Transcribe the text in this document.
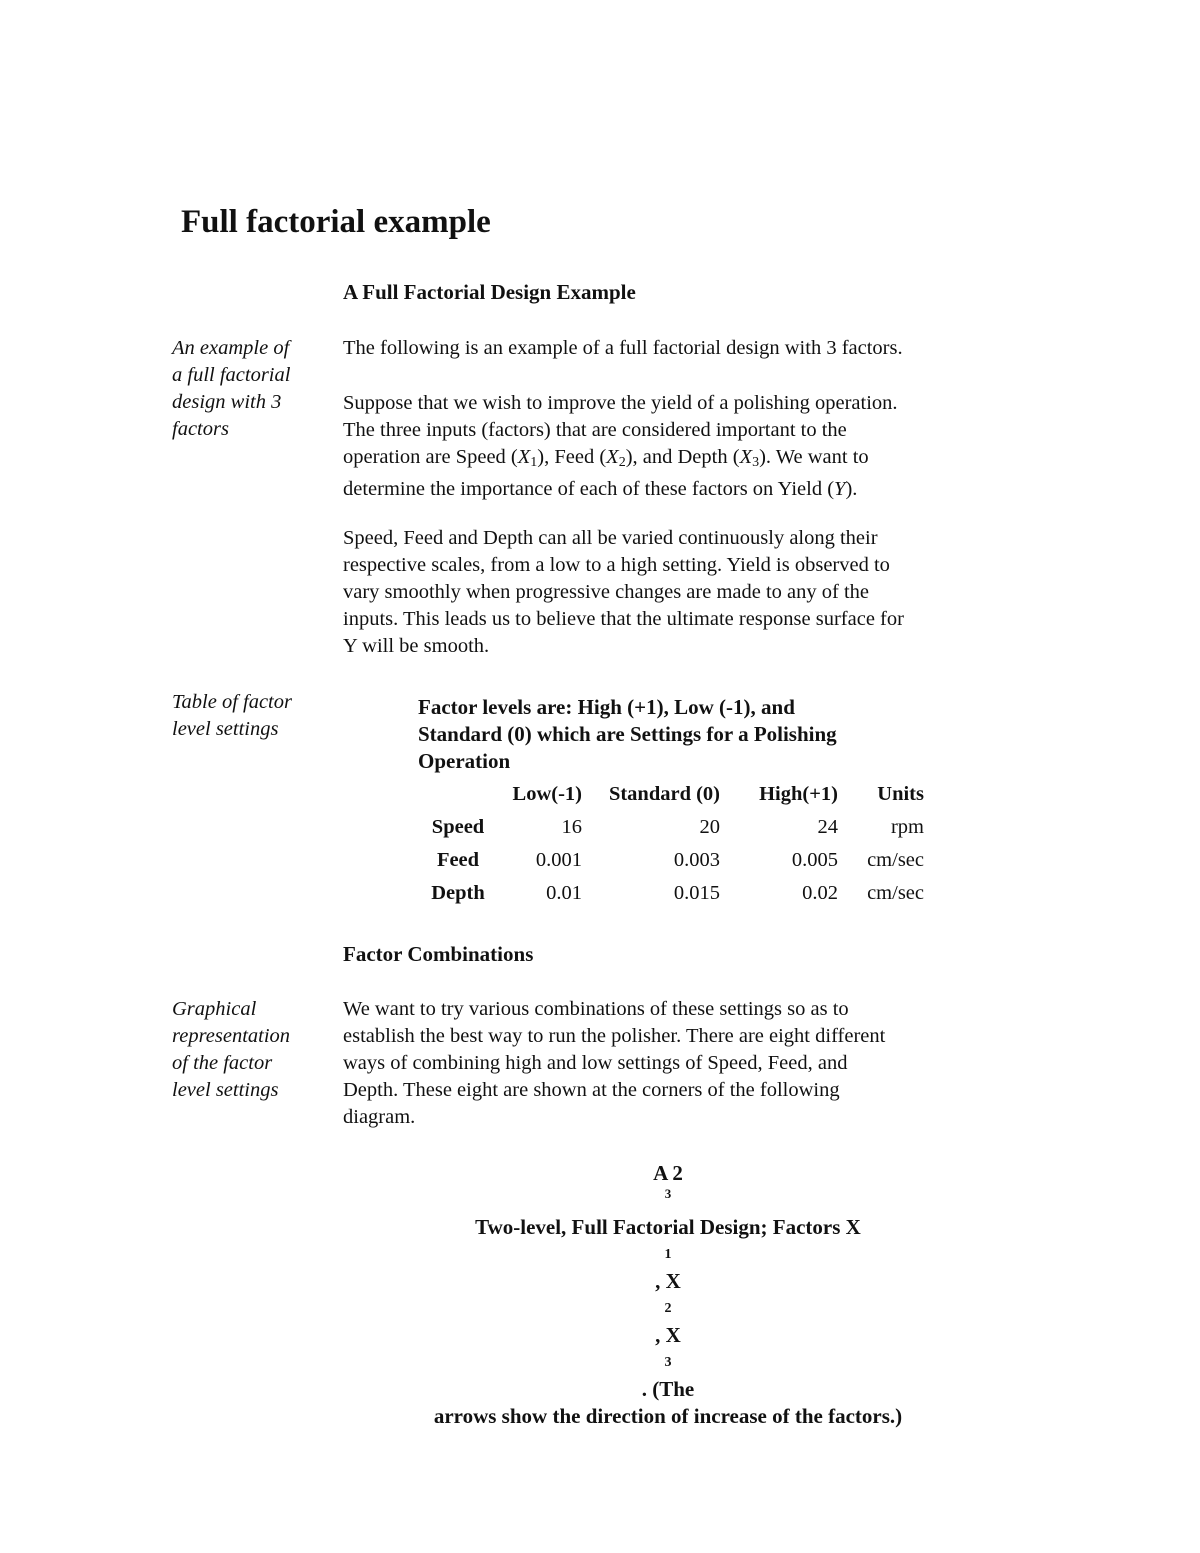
Full factorial example
A Full Factorial Design Example
An example of
a full factorial
design with 3
factors

The following is an example of a full factorial design with 3 factors.

Suppose that we wish to improve the yield of a polishing operation.
The three inputs (factors) that are considered important to the
operation are Speed $(X_1)$, Feed $(X_2)$, and Depth $(X_3)$. We want to
determine the importance of each of these factors on Yield (Y).

Speed, Feed and Depth can all be varied continuously along their
respective scales, from a low to a high setting. Yield is observed to
vary smoothly when progressive changes are made to any of the
inputs. This leads us to believe that the ultimate response surface for
Y will be smooth.

Table of factor
level settings
Factor levels are: High (+1), Low (-1), and
Standard (0) which are Settings for a Polishing
Operation
	Low(-1)	Standard (0)	High(+1)	Units
Speed	16	20	24	rpm
Feed	0.001	0.003	0.005	cm/sec
Depth	0.01	0.015	0.02	cm/sec
Factor Combinations
Graphical
representation
of the factor
level settings

We want to try various combinations of these settings so as to
establish the best way to run the polisher. There are eight different
ways of combining high and low settings of Speed, Feed, and
Depth. These eight are shown at the corners of the following
diagram.

A 2
$^3$
Two-level, Full Factorial Design; Factors X
1
, X
2
, X
3
. (The
arrows show the direction of increase of the factors.)
